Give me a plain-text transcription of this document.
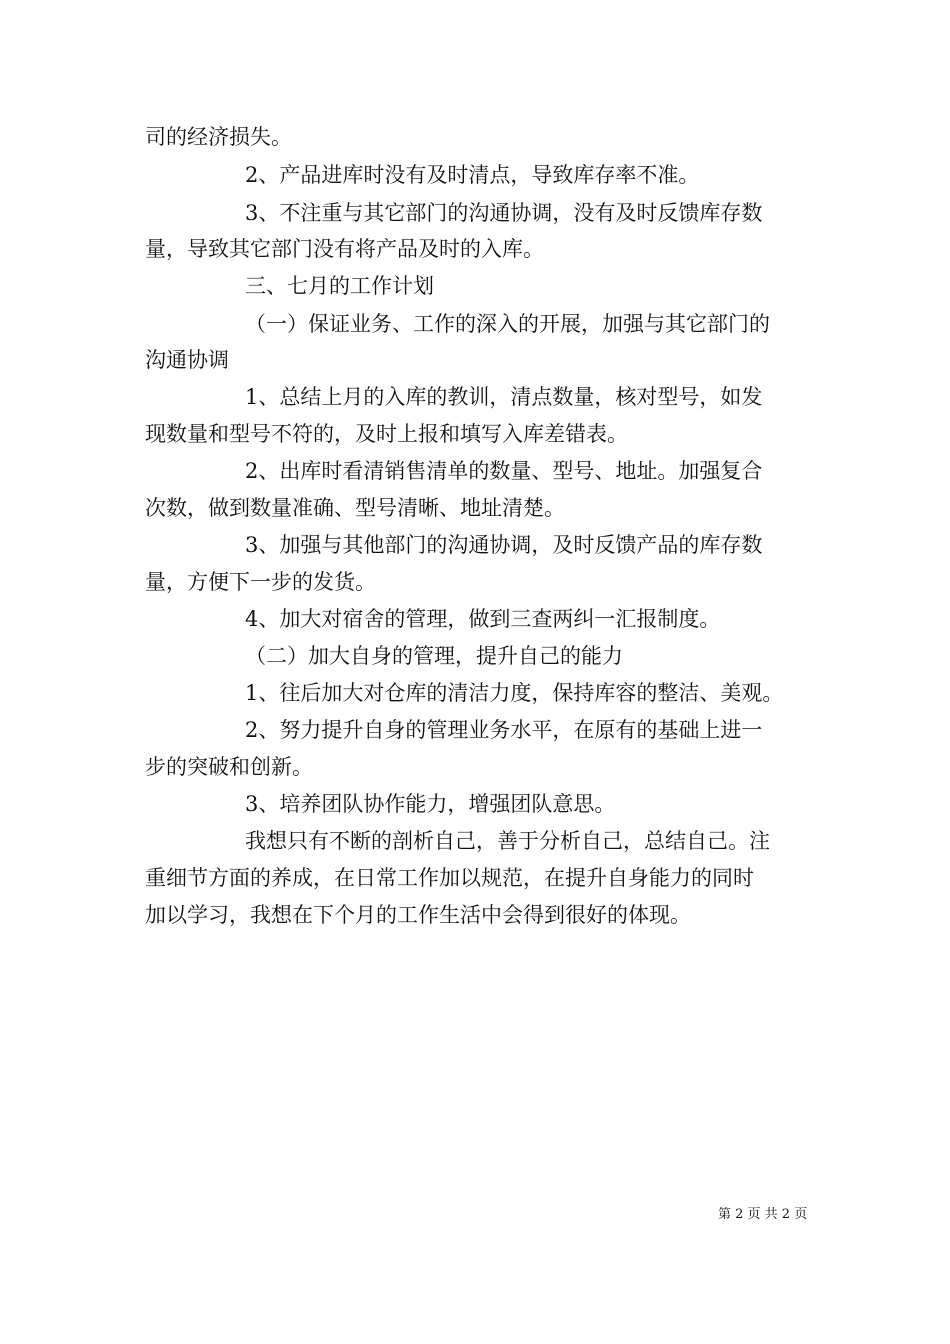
司的经济损失。

2、产品进库时没有及时清点，导致库存率不准。

3、不注重与其它部门的沟通协调，没有及时反馈库存数

量，导致其它部门没有将产品及时的入库。

三、七月的工作计划

（一）保证业务、工作的深入的开展，加强与其它部门的

沟通协调

1、总结上月的入库的教训，清点数量，核对型号，如发

现数量和型号不符的，及时上报和填写入库差错表。

2、出库时看清销售清单的数量、型号、地址。加强复合

次数，做到数量准确、型号清晰、地址清楚。

3、加强与其他部门的沟通协调，及时反馈产品的库存数

量，方便下一步的发货。

4、加大对宿舍的管理，做到三查两纠一汇报制度。

（二）加大自身的管理，提升自己的能力

1、往后加大对仓库的清洁力度，保持库容的整洁、美观。

2、努力提升自身的管理业务水平，在原有的基础上进一

步的突破和创新。

3、培养团队协作能力，增强团队意思。

我想只有不断的剖析自己，善于分析自己，总结自己。注

重细节方面的养成，在日常工作加以规范，在提升自身能力的同时

加以学习，我想在下个月的工作生活中会得到很好的体现。

第 2 页 共 2 页
